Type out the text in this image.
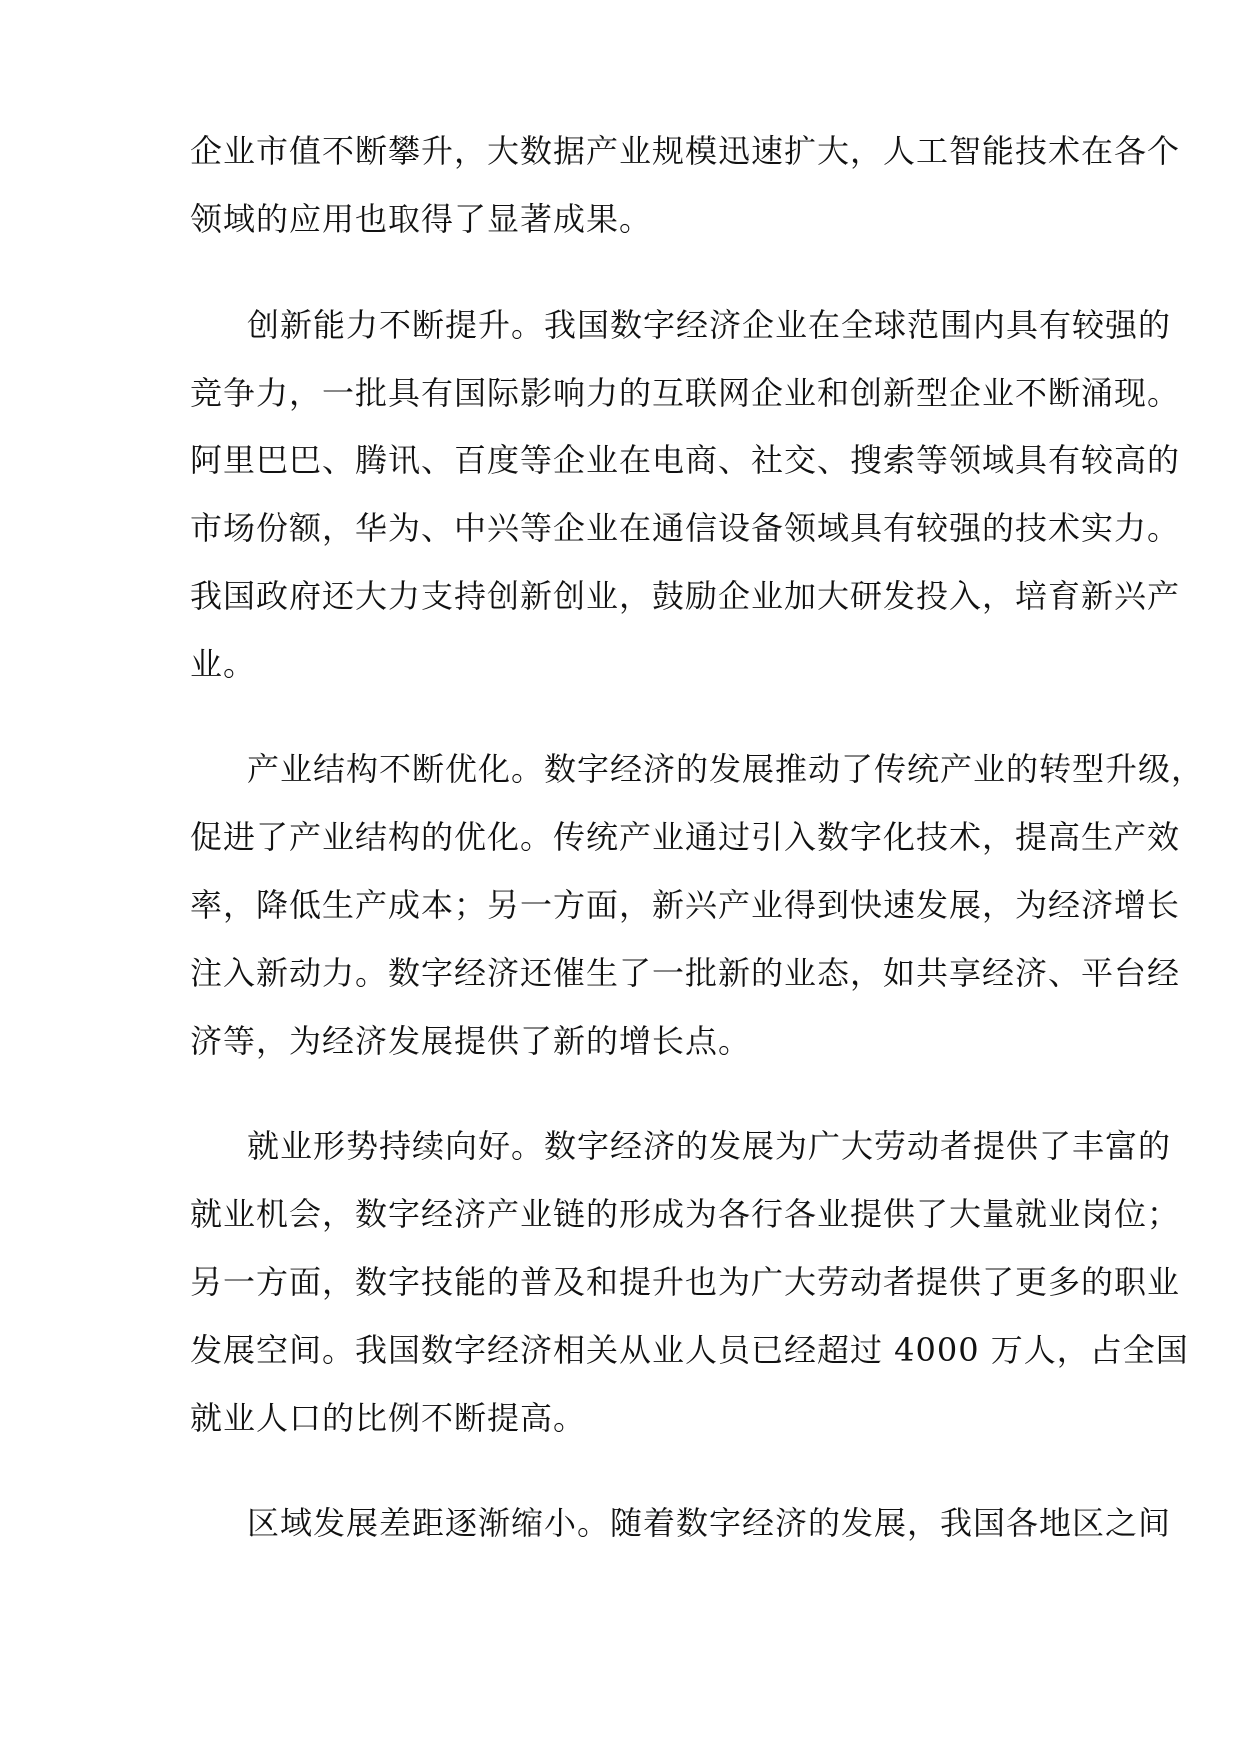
企业市值不断攀升，大数据产业规模迅速扩大，人工智能技术在各个
领域的应用也取得了显著成果。
创新能力不断提升。我国数字经济企业在全球范围内具有较强的
竞争力，一批具有国际影响力的互联网企业和创新型企业不断涌现。
阿里巴巴、腾讯、百度等企业在电商、社交、搜索等领域具有较高的
市场份额，华为、中兴等企业在通信设备领域具有较强的技术实力。
我国政府还大力支持创新创业，鼓励企业加大研发投入，培育新兴产
业。
产业结构不断优化。数字经济的发展推动了传统产业的转型升级，
促进了产业结构的优化。传统产业通过引入数字化技术，提高生产效
率，降低生产成本；另一方面，新兴产业得到快速发展，为经济增长
注入新动力。数字经济还催生了一批新的业态，如共享经济、平台经
济等，为经济发展提供了新的增长点。
就业形势持续向好。数字经济的发展为广大劳动者提供了丰富的
就业机会，数字经济产业链的形成为各行各业提供了大量就业岗位；
另一方面，数字技能的普及和提升也为广大劳动者提供了更多的职业
发展空间。我国数字经济相关从业人员已经超过 4000 万人，占全国
就业人口的比例不断提高。
区域发展差距逐渐缩小。随着数字经济的发展，我国各地区之间
